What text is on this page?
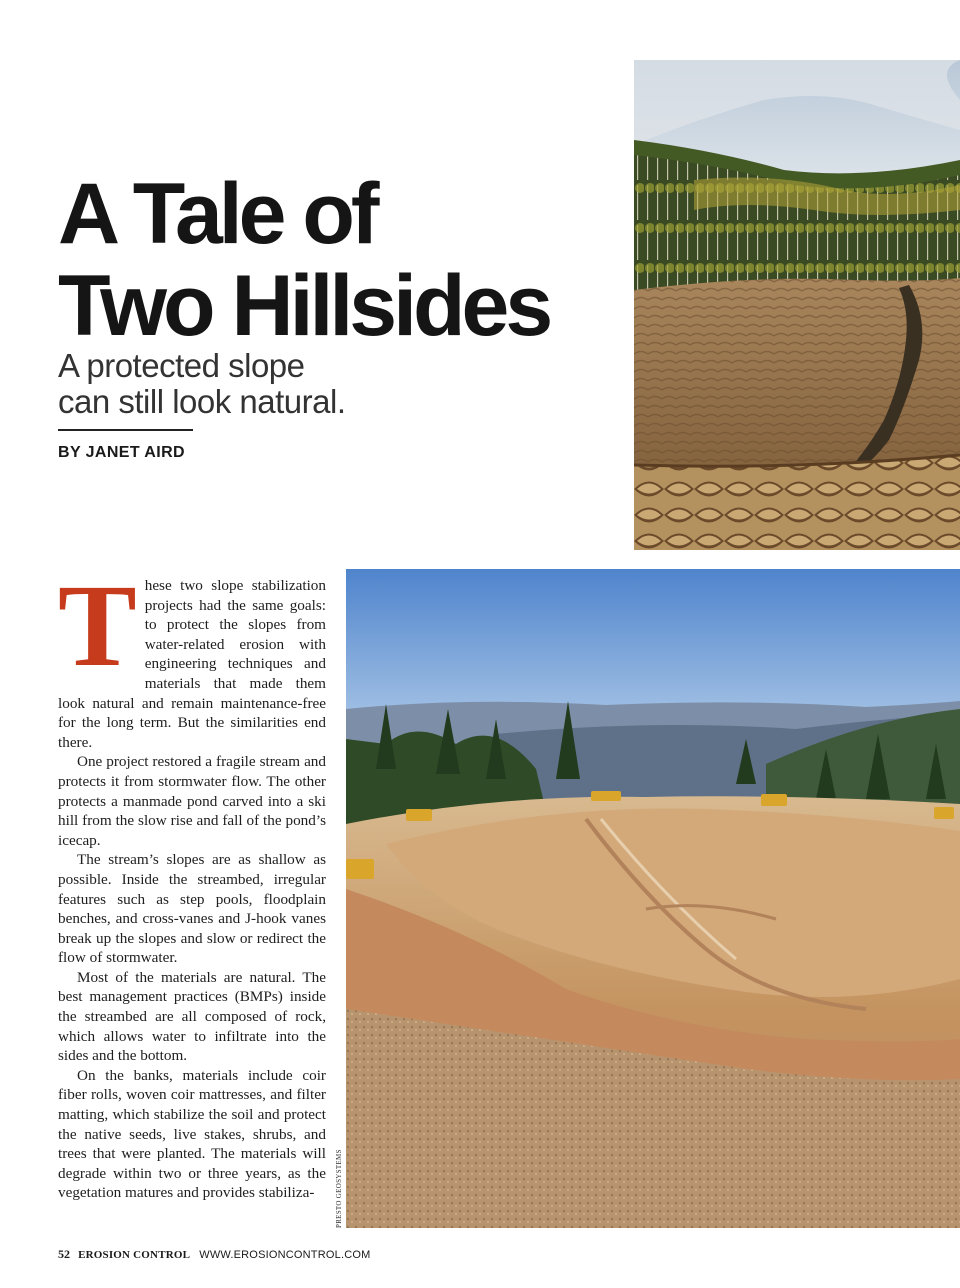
A Tale of
Two Hillsides
A protected slope
can still look natural.
BY JANET AIRD
PRESTO GEOSYSTEMS

These two slope stabilization projects had the same goals: to protect the slopes from water-related erosion with engineering techniques and materials that made them look natural and remain maintenance-free for the long term. But the similarities end there.

One project restored a fragile stream and protects it from stormwater flow. The other protects a manmade pond carved into a ski hill from the slow rise and fall of the pond’s icecap.

The stream’s slopes are as shallow as possible. Inside the streambed, irregular features such as step pools, floodplain benches, and cross-vanes and J-hook vanes break up the slopes and slow or redirect the flow of stormwater.

Most of the materials are natural. The best management practices (BMPs) inside the streambed are all composed of rock, which allows water to infiltrate into the sides and the bottom.

On the banks, materials include coir fiber rolls, woven coir mattresses, and filter matting, which stabilize the soil and protect the native seeds, live stakes, shrubs, and trees that were planted. The materials will degrade within two or three years, as the vegetation matures and provides stabiliza-

52 EROSION CONTROL WWW.EROSIONCONTROL.COM
